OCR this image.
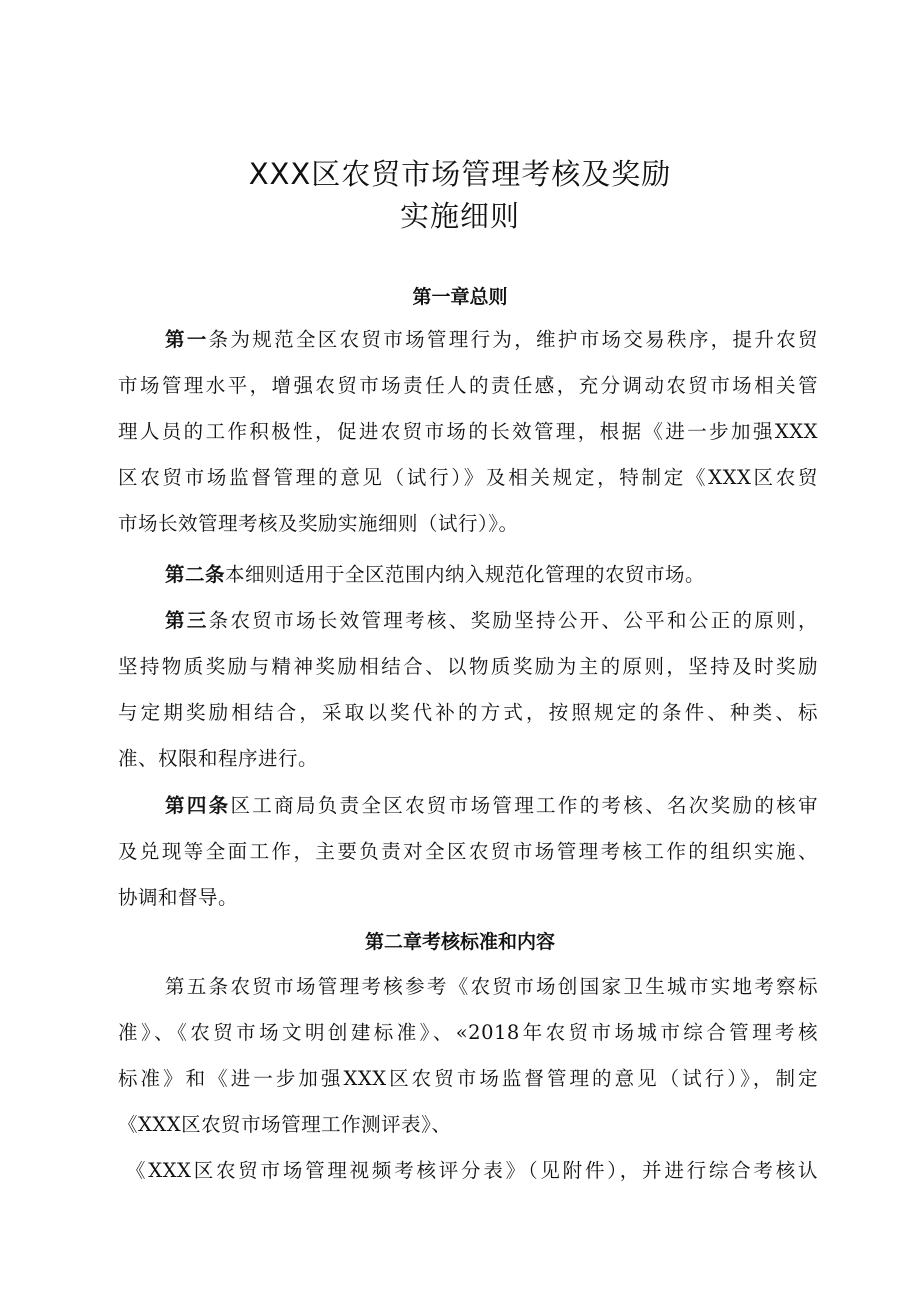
XXX区农贸市场管理考核及奖励
实施细则
第一章总则
第一条为规范全区农贸市场管理行为，维护市场交易秩序，提升农贸
市场管理水平，增强农贸市场责任人的责任感，充分调动农贸市场相关管
理人员的工作积极性，促进农贸市场的长效管理，根据《进一步加强XXX
区农贸市场监督管理的意见（试行）》及相关规定，特制定《XXX区农贸
市场长效管理考核及奖励实施细则（试行）》。
第二条本细则适用于全区范围内纳入规范化管理的农贸市场。
第三条农贸市场长效管理考核、奖励坚持公开、公平和公正的原则，
坚持物质奖励与精神奖励相结合、以物质奖励为主的原则，坚持及时奖励
与定期奖励相结合，采取以奖代补的方式，按照规定的条件、种类、标
准、权限和程序进行。
第四条区工商局负责全区农贸市场管理工作的考核、名次奖励的核审
及兑现等全面工作，主要负责对全区农贸市场管理考核工作的组织实施、
协调和督导。
第二章考核标准和内容
第五条农贸市场管理考核参考《农贸市场创国家卫生城市实地考察标
准》、《农贸市场文明创建标准》、«2018年农贸市场城市综合管理考核
标准》和《进一步加强XXX区农贸市场监督管理的意见（试行）》，制定
《XXX区农贸市场管理工作测评表》、
《XXX区农贸市场管理视频考核评分表》（见附件），并进行综合考核认
